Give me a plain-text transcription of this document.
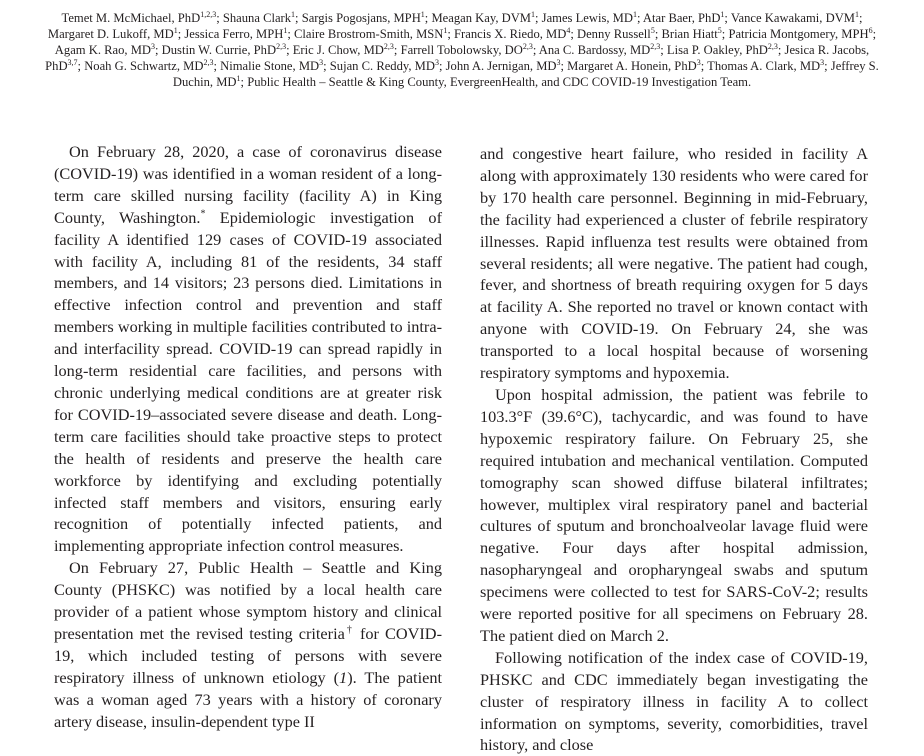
Temet M. McMichael, PhD$^{1,2,3}$; Shauna Clark$^1$; Sargis Pogosjans, MPH$^1$; Meagan Kay, DVM$^1$; James Lewis, $MD^1$; Atar Baer, PhD$^1$; Vance Kawakami, DVM$^1$; Margaret D. Lukoff, $MD^1$; Jessica Ferro, MPH$^1$; Claire Brostrom-Smith, MSN$^1$; Francis X. Riedo, $MD^4$; Denny Russell$^5$; Brian Hiatt$^5$; Patricia Montgomery, MPH$^6$; Agam K. Rao, $MD^3$; Dustin W. Currie, PhD$^{2,3}$; Eric J. Chow, MD$^{2,3}$; Farrell Tobolowsky, DO$^{2,3}$; Ana C. Bardossy, MD$^{2,3}$; Lisa P. Oakley, PhD$^{2,3}$; Jesica R. Jacobs, PhD$^{3,7}$; Noah G. Schwartz, MD$^{2,3}$; Nimalie Stone, $MD^3$; Sujan C. Reddy, $MD^3$; John A. Jernigan, $MD^3$; Margaret A. Honein, PhD$^3$; Thomas A. Clark, $MD^3$; Jeffrey S. Duchin, $MD^1$; Public Health – Seattle & King County, EvergreenHealth, and CDC COVID-19 Investigation Team.

On February 28, 2020, a case of coronavirus disease (COVID-19) was identified in a woman resident of a long-term care skilled nursing facility (facility A) in King County, Washington.* Epidemiologic investigation of facility A identified 129 cases of COVID-19 associated with facility A, including 81 of the residents, 34 staff members, and 14 visitors; 23 persons died. Limitations in effective infection control and prevention and staff members working in multiple facilities contributed to intra- and interfacility spread. COVID-19 can spread rapidly in long-term residential care facilities, and persons with chronic underlying medical conditions are at greater risk for COVID-19–associated severe disease and death. Long-term care facilities should take proactive steps to protect the health of residents and preserve the health care workforce by identifying and excluding potentially infected staff members and visitors, ensuring early recognition of potentially infected patients, and implementing appropriate infection control measures.

On February 27, Public Health – Seattle and King County (PHSKC) was notified by a local health care provider of a patient whose symptom history and clinical presentation met the revised testing criteria† for COVID-19, which included testing of persons with severe respiratory illness of unknown etiology (1). The patient was a woman aged 73 years with a history of coronary artery disease, insulin-dependent type II

and congestive heart failure, who resided in facility A along with approximately 130 residents who were cared for by 170 health care personnel. Beginning in mid-February, the facility had experienced a cluster of febrile respiratory illnesses. Rapid influenza test results were obtained from several residents; all were negative. The patient had cough, fever, and shortness of breath requiring oxygen for 5 days at facility A. She reported no travel or known contact with anyone with COVID-19. On February 24, she was transported to a local hospital because of worsening respiratory symptoms and hypoxemia.

Upon hospital admission, the patient was febrile to 103.3°F (39.6°C), tachycardic, and was found to have hypoxemic respiratory failure. On February 25, she required intubation and mechanical ventilation. Computed tomography scan showed diffuse bilateral infiltrates; however, multiplex viral respiratory panel and bacterial cultures of sputum and bronchoalveolar lavage fluid were negative. Four days after hospital admission, nasopharyngeal and oropharyngeal swabs and sputum specimens were collected to test for SARS-CoV-2; results were reported positive for all specimens on February 28. The patient died on March 2.

Following notification of the index case of COVID-19, PHSKC and CDC immediately began investigating the cluster of respiratory illness in facility A to collect information on symptoms, severity, comorbidities, travel history, and close
